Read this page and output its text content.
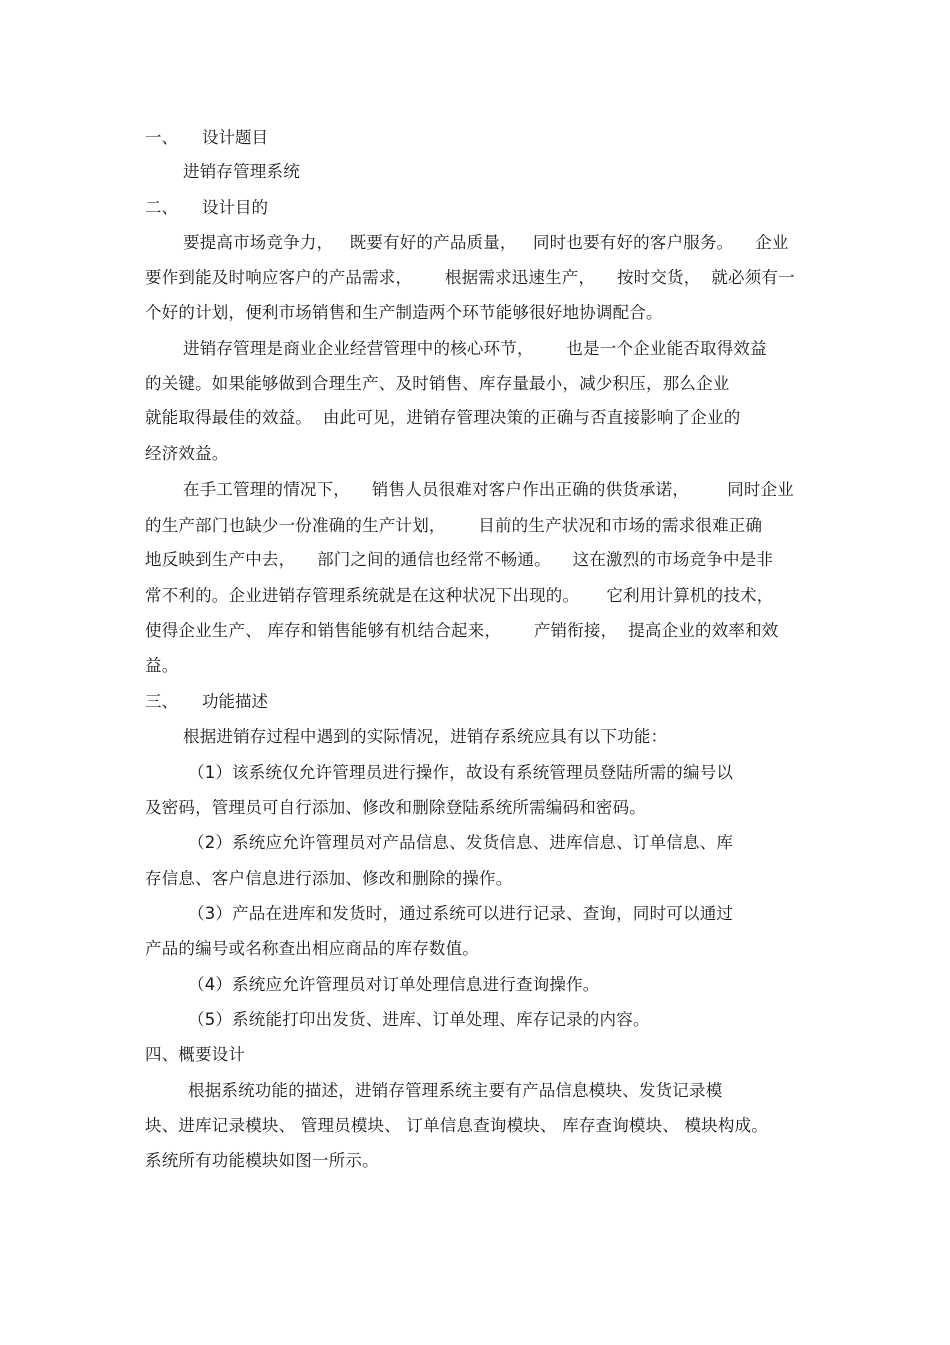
一、 设计题目
进销存管理系统
二、 设计目的
要提高市场竞争力，   既要有好的产品质量，   同时也要有好的客户服务。    企业
要作到能及时响应客户的产品需求，      根据需求迅速生产，    按时交货，  就必须有一
个好的计划，便利市场销售和生产制造两个环节能够很好地协调配合。
进销存管理是商业企业经营管理中的核心环节，      也是一个企业能否取得效益
的关键。如果能够做到合理生产、及时销售、库存量最小，减少积压，那么企业
就能取得最佳的效益。  由此可见，进销存管理决策的正确与否直接影响了企业的
经济效益。
在手工管理的情况下，    销售人员很难对客户作出正确的供货承诺，       同时企业
的生产部门也缺少一份准确的生产计划，      目前的生产状况和市场的需求很难正确
地反映到生产中去，    部门之间的通信也经常不畅通。    这在激烈的市场竞争中是非
常不利的。企业进销存管理系统就是在这种状况下出现的。     它利用计算机的技术，
使得企业生产、 库存和销售能够有机结合起来，      产销衔接，  提高企业的效率和效
益。
三、 功能描述
根据进销存过程中遇到的实际情况，进销存系统应具有以下功能：
（1）该系统仅允许管理员进行操作，故设有系统管理员登陆所需的编号以
及密码，管理员可自行添加、修改和删除登陆系统所需编码和密码。
（2）系统应允许管理员对产品信息、发货信息、进库信息、订单信息、库
存信息、客户信息进行添加、修改和删除的操作。
（3）产品在进库和发货时，通过系统可以进行记录、查询，同时可以通过
产品的编号或名称查出相应商品的库存数值。
（4）系统应允许管理员对订单处理信息进行查询操作。
（5）系统能打印出发货、进库、订单处理、库存记录的内容。
四、概要设计
根据系统功能的描述，进销存管理系统主要有产品信息模块、发货记录模
块、进库记录模块、 管理员模块、 订单信息查询模块、 库存查询模块、 模块构成。
系统所有功能模块如图一所示。
